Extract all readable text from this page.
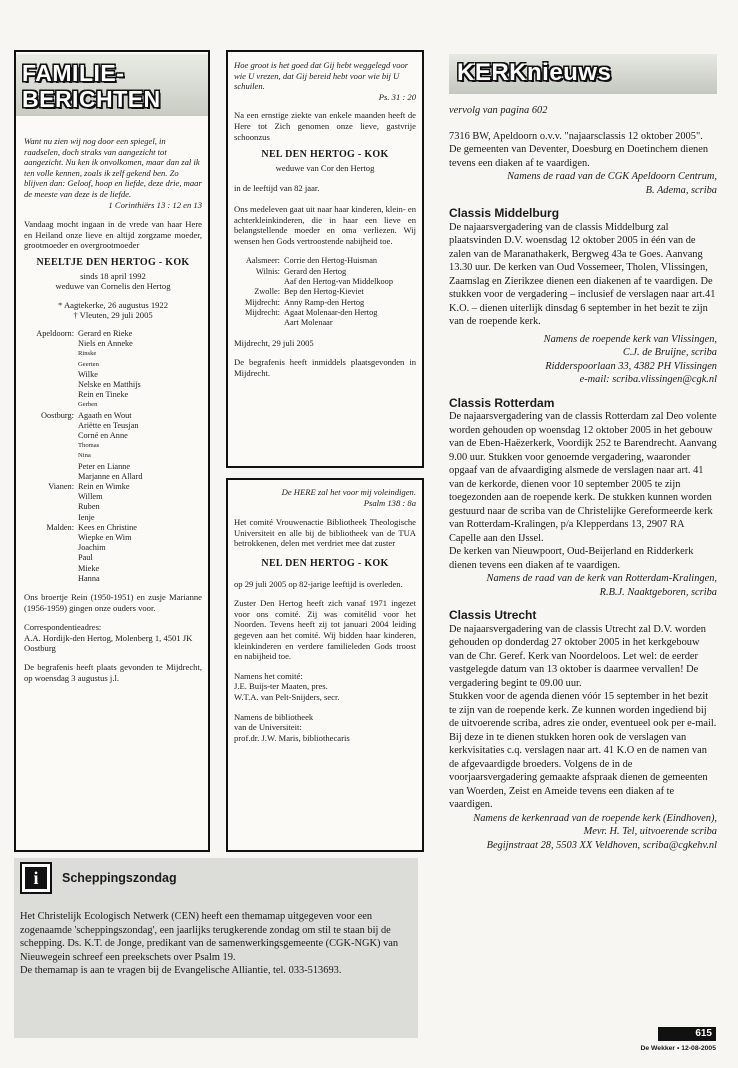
FAMILIE-
BERICHTEN
Want nu zien wij nog door een spiegel, in raadselen, doch straks van aangezicht tot aangezicht. Nu ken ik onvolkomen, maar dan zal ik ten volle kennen, zoals ik zelf gekend ben. Zo blijven dan: Geloof, hoop en liefde, deze drie, maar de meeste van deze is de liefde.
1 Corinthiërs 13 : 12 en 13
Vandaag mocht ingaan in de vrede van haar Here en Heiland onze lieve en altijd zorgzame moeder, grootmoeder en overgrootmoeder
NEELTJE DEN HERTOG - KOK
sinds 18 april 1992
weduwe van Cornelis den Hertog
* Aagtekerke, 26 augustus 1922
† Vleuten, 29 juli 2005
Apeldoorn: Gerard en Rieke
Niels en Anneke
Rinske
Geerten
Wilke
Nelske en Matthijs
Rein en Tineke
Gerben
Oostburg: Agaath en Wout
Ariëtte en Teusjan
Corné en Anne
Thomas
Nina
Peter en Lianne
Marjanne en Allard
Vianen: Rein en Wimke
Willem
Ruben
Ienje
Malden: Kees en Christine
Wiepke en Wim
Joachim
Paul
Mieke
Hanna
Ons broertje Rein (1950-1951) en zusje Marianne (1956-1959) gingen onze ouders voor.
Correspondentieadres:
A.A. Hordijk-den Hertog, Molenberg 1, 4501 JK Oostburg
De begrafenis heeft plaats gevonden te Mijdrecht, op woensdag 3 augustus j.l.
Hoe groot is het goed dat Gij hebt weggelegd voor wie U vrezen, dat Gij bereid hebt voor wie bij U schuilen.
Ps. 31 : 20
Na een ernstige ziekte van enkele maanden heeft de Here tot Zich genomen onze lieve, gastvrije schoonzus
NEL DEN HERTOG - KOK
weduwe van Cor den Hertog
in de leeftijd van 82 jaar.
Ons medeleven gaat uit naar haar kinderen, klein- en achterkleinkinderen, die in haar een lieve en belangstellende moeder en oma verliezen. Wij wensen hen Gods vertroostende nabijheid toe.
Aalsmeer: Corrie den Hertog-Huisman
Wilnis: Gerard den Hertog
Aaf den Hertog-van Middelkoop
Zwolle: Bep den Hertog-Kieviet
Mijdrecht: Anny Ramp-den Hertog
Mijdrecht: Agaat Molenaar-den Hertog
Aart Molenaar
Mijdrecht, 29 juli 2005
De begrafenis heeft inmiddels plaatsgevonden in Mijdrecht.
De HERE zal het voor mij voleindigen.
Psalm 138 : 8a
Het comité Vrouwenactie Bibliotheek Theologische Universiteit en alle bij de bibliotheek van de TUA betrokkenen, delen met verdriet mee dat zuster
NEL DEN HERTOG - KOK
op 29 juli 2005 op 82-jarige leeftijd is overleden.
Zuster Den Hertog heeft zich vanaf 1971 ingezet voor ons comité. Zij was comitélid voor het Noorden. Tevens heeft zij tot januari 2004 leiding gegeven aan het comité. Wij bidden haar kinderen, kleinkinderen en verdere familieleden Gods troost en nabijheid toe.
Namens het comité:
J.E. Buijs-ter Maaten, pres.
W.T.A. van Pelt-Snijders, secr.
Namens de bibliotheek
van de Universiteit:
prof.dr. J.W. Maris, bibliothecaris
KERKnieuws
vervolg van pagina 602
7316 BW, Apeldoorn o.v.v. "najaarsclassis 12 oktober 2005". De gemeenten van Deventer, Doesburg en Doetinchem dienen tevens een diaken af te vaardigen.
Namens de raad van de CGK Apeldoorn Centrum,
B. Adema, scriba
Classis Middelburg
De najaarsvergadering van de classis Middelburg zal plaatsvinden D.V. woensdag 12 oktober 2005 in één van de zalen van de Maranathakerk, Bergweg 43a te Goes. Aanvang 13.30 uur. De kerken van Oud Vossemeer, Tholen, Vlissingen, Zaamslag en Zierikzee dienen een diakenen af te vaardigen. De stukken voor de vergadering – inclusief de verslagen naar art.41 K.O. – dienen uiterlijk dinsdag 6 september in het bezit te zijn van de roepende kerk.
Namens de roepende kerk van Vlissingen,
C.J. de Bruijne, scriba
Ridderspoorlaan 33, 4382 PH Vlissingen
e-mail: scriba.vlissingen@cgk.nl
Classis Rotterdam
De najaarsvergadering van de classis Rotterdam zal Deo volente worden gehouden op woensdag 12 oktober 2005 in het gebouw van de Eben-Haëzerkerk, Voordijk 252 te Barendrecht. Aanvang 9.00 uur. Stukken voor genoemde vergadering, waaronder opgaaf van de afvaardiging alsmede de verslagen naar art. 41 van de kerkorde, dienen voor 10 september 2005 te zijn toegezonden aan de roepende kerk. De stukken kunnen worden gestuurd naar de scriba van de Christelijke Gereformeerde kerk van Rotterdam-Kralingen, p/a Klepperdans 13, 2907 RA Capelle aan den IJssel.
De kerken van Nieuwpoort, Oud-Beijerland en Ridderkerk dienen tevens een diaken af te vaardigen.
Namens de raad van de kerk van Rotterdam-Kralingen,
R.B.J. Naaktgeboren, scriba
Classis Utrecht
De najaarsvergadering van de classis Utrecht zal D.V. worden gehouden op donderdag 27 oktober 2005 in het kerkgebouw van de Chr. Geref. Kerk van Noordeloos. Let wel: de eerder vastgelegde datum van 13 oktober is daarmee vervallen! De vergadering begint te 09.00 uur.
Stukken voor de agenda dienen vóór 15 september in het bezit te zijn van de roepende kerk. Ze kunnen worden ingediend bij de uitvoerende scriba, adres zie onder, eventueel ook per e-mail. Bij deze in te dienen stukken horen ook de verslagen van kerkvisitaties c.q. verslagen naar art. 41 K.O en de namen van de afgevaardigde broeders. Volgens de in de voorjaarsvergadering gemaakte afspraak dienen de gemeenten van Woerden, Zeist en Ameide tevens een diaken af te vaardigen.
Namens de kerkenraad van de roepende kerk (Eindhoven),
Mevr. H. Tel, uitvoerende scriba
Begijnstraat 28, 5503 XX Veldhoven, scriba@cgkehv.nl
i	Scheppingszondag
Het Christelijk Ecologisch Netwerk (CEN) heeft een themamap uitgegeven voor een zogenaamde 'scheppingszondag', een jaarlijks terugkerende zondag om stil te staan bij de schepping. Ds. K.T. de Jonge, predikant van de samenwerkingsgemeente (CGK-NGK) van Nieuwegein schreef een preekschets over Psalm 19.
De themamap is aan te vragen bij de Evangelische Alliantie, tel. 033-513693.
615
De Wekker • 12-08-2005
